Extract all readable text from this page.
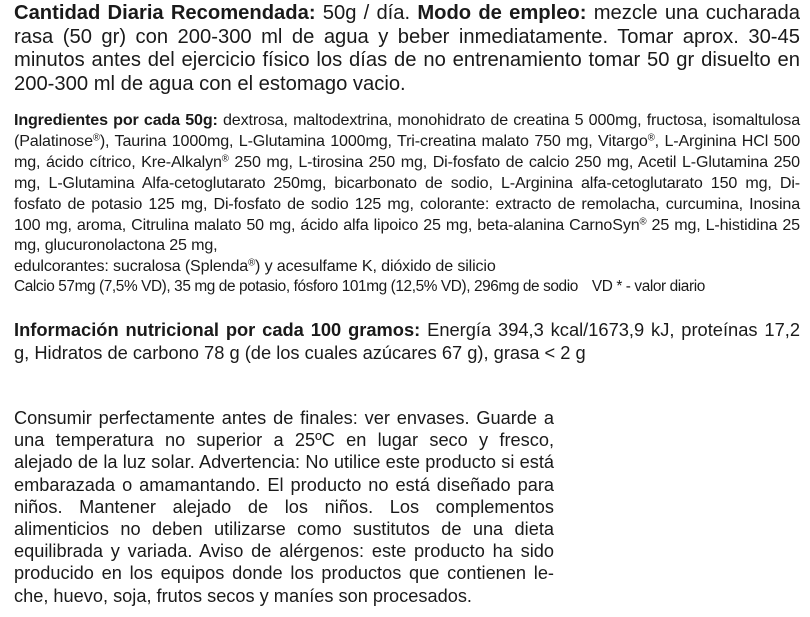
Cantidad Diaria Recomendada: 50g / día. Modo de empleo: mezcle una cucharada rasa (50 gr) con 200-300 ml de agua y beber inmediatamente. Tomar aprox. 30-45 minutos antes del ejercicio físico los días de no entrenamiento tomar 50 gr disuelto en 200-300 ml de agua con el estomago vacio.
Ingredientes por cada 50g: dextrosa, maltodextrina, monohidrato de creatina 5 000mg, fructosa, isomaltulosa (Palatinose®), Taurina 1000mg, L-Glutamina 1000mg, Tri-creatina malato 750 mg, Vitargo®, L-Arginina HCl 500 mg, ácido cítrico, Kre-Alkalyn® 250 mg, L-tirosina 250 mg, Di-fosfato de calcio 250 mg, Acetil L-Glutamina 250 mg, L-Glutamina Alfa-cetoglutarato 250mg, bicarbonato de sodio, L-Arginina alfa-cetoglutarato 150 mg, Di-fosfato de potasio 125 mg, Di-fosfato de sodio 125 mg, colorante: extracto de remolacha, curcumina, Inosina 100 mg, aroma, Citrulina malato 50 mg, ácido alfa lipoico 25 mg, beta-alanina CarnoSyn® 25 mg, L-histidina 25 mg, glucuronolactona 25 mg,
edulcorantes: sucralosa (Splenda®) y acesulfame K, dióxido de silicio
Calcio 57mg (7,5% VD), 35 mg de potasio, fósforo 101mg (12,5% VD), 296mg de sodio VD * - valor diario
Información nutricional por cada 100 gramos: Energía 394,3 kcal/1673,9 kJ, proteínas 17,2 g, Hidratos de carbono 78 g (de los cuales azúcares 67 g), grasa < 2 g
Consumir perfectamente antes de finales: ver envases. Guarde a una temperatura no superior a 25ºC en lugar seco y fresco, alejado de la luz solar. Advertencia: No utilice este producto si está embarazada o amamantando. El producto no está diseñado para niños. Mantener alejado de los niños. Los complementos alimenticios no deben utilizarse como sustitutos de una dieta equilibrada y variada. Aviso de alérgenos: este producto ha sido producido en los equipos donde los productos que contienen le-che, huevo, soja, frutos secos y maníes son procesados.
